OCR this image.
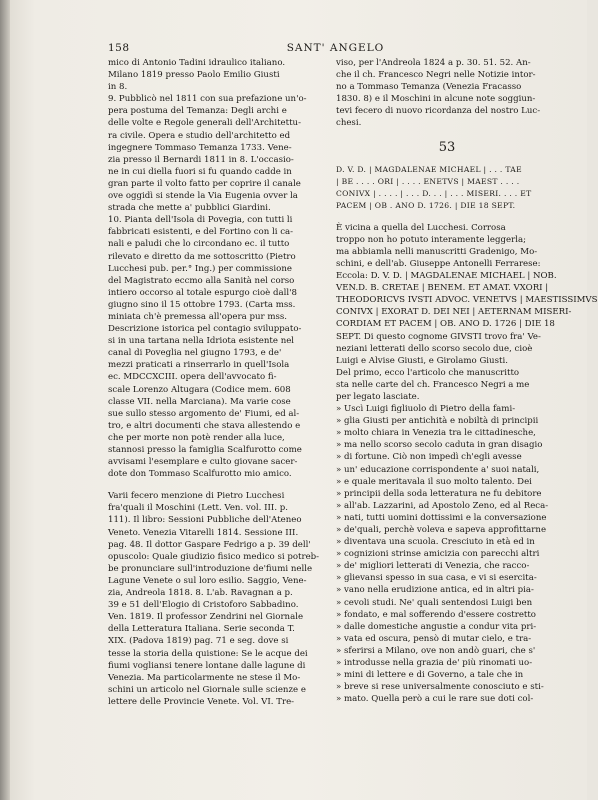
158	SANT' ANGELO
mico di Antonio Tadini idraulico italiano.
Milano 1819 presso Paolo Emilio Giusti
in 8.
9. Pubblicò nel 1811 con sua prefazione un'o-
pera postuma del Temanza: Degli archi e
delle volte e Regole generali dell'Architettu-
ra civile. Opera e studio dell'architetto ed
ingegnere Tommaso Temanza 1733. Vene-
zia presso il Bernardi 1811 in 8. L'occasio-
ne in cui diella fuori si fu quando cadde in
gran parte il volto fatto per coprire il canale
ove oggidì si stende la Via Eugenia ovver la
strada che mette a' pubblici Giardini.
10. Pianta dell'Isola di Povegia, con tutti li
fabbricati esistenti, e del Fortino con li ca-
nali e paludi che lo circondano ec. il tutto
rilevato e diretto da me sottoscritto (Pietro
Lucchesi pub. per.° Ing.) per commissione
del Magistrato eccmo alla Sanità nel corso
intiero occorso al totale espurgo cioè dall'8
giugno sino il 15 ottobre 1793. (Carta mss.
miniata ch'è premessa all'opera pur mss.
Descrizione istorica pel contagio sviluppato-
si in una tartana nella Idriota esistente nel
canal di Poveglia nel giugno 1793, e de'
mezzi praticati a rinserrarlo in quell'Isola
ec. MDCCXCIII. opera dell'avvocato fi-
scale Lorenzo Altugara (Codice mem. 608
classe VII. nella Marciana). Ma varie cose
sue sullo stesso argomento de' Fiumi, ed al-
tro, e altri documenti che stava allestendo e
che per morte non potè render alla luce,
stannosi presso la famiglia Scalfurotto come
avvisami l'esemplare e culto giovane sacer-
dote don Tommaso Scalfurotto mio amico.
Varii fecero menzione di Pietro Lucchesi
fra'quali il Moschini (Lett. Ven. vol. III. p.
111). Il libro: Sessioni Pubbliche dell'Ateneo
Veneto. Venezia Vitarelli 1814. Sessione III.
pag. 48. Il dottor Gaspare Fedrigo a p. 39 dell'
opuscolo: Quale giudizio fisico medico si potreb-
be pronunciare sull'introduzione de'fiumi nelle
Lagune Venete o sul loro esilio. Saggio, Vene-
zia, Andreola 1818. 8. L'ab. Ravagnan a p.
39 e 51 dell'Elogio di Cristoforo Sabbadino.
Ven. 1819. Il professor Zendrini nel Giornale
della Letteratura Italiana. Serie seconda T.
XIX. (Padova 1819) pag. 71 e seg. dove si
tesse la storia della quistione: Se le acque dei
fiumi vogliansi tenere lontane dalle lagune di
Venezia. Ma particolarmente ne stese il Mo-
schini un articolo nel Giornale sulle scienze e
lettere delle Provincie Venete. Vol. VI. Tre-
viso, per l'Andreola 1824 a p. 30. 51. 52. An-
che il ch. Francesco Negri nelle Notizie intor-
no a Tommaso Temanza (Venezia Fracasso
1830. 8) e il Moschini in alcune note soggiun-
tevi fecero di nuovo ricordanza del nostro Luc-
chesi.
53
D. V. D. | MAGDALENAE MICHAEL | . . . TAE
| BE . . . . ORI | . . . . ENETVS | MAEST . . . .
CONIVX | . . . . | . . . D. . . | . . . MISERI. . . . ET
PACEM | OB . ANO D. 1726. | DIE 18 SEPT.
È vicina a quella del Lucchesi. Corrosa
troppo non ho potuto interamente leggerla;
ma abbiamla nelli manuscritti Gradenigo, Mo-
schini, e dell'ab. Giuseppe Antonelli Ferrarese:
Eccola: D. V. D. | MAGDALENAE MICHAEL | NOB.
VEN.D. B. CRETAE | BENEM. ET AMAT. VXORI |
THEODORICVS IVSTI ADVOC. VENETVS | MAESTISSIMVS
CONIVX | EXORAT D. DEI NEI | AETERNAM MISERI-
CORDIAM ET PACEM | OB. ANO D. 1726 | DIE 18
SEPT. Di questo cognome GIVSTI trovo fra' Ve-
neziani letterati dello scorso secolo due, cioè
Luigi e Alvise Giusti, e Girolamo Giusti.
Del primo, ecco l'articolo che manuscritto
sta nelle carte del ch. Francesco Negri a me
per legato lasciate.
» Uscì Luigi figliuolo di Pietro della fami-
» glia Giusti per antichità e nobiltà di principii
» molto chiara in Venezia tra le cittadinesche,
» ma nello scorso secolo caduta in gran disagio
» di fortune. Ciò non impedì ch'egli avesse
» un' educazione corrispondente a' suoi natali,
» e quale meritavala il suo molto talento. Dei
» principii della soda letteratura ne fu debitore
» all'ab. Lazzarini, ad Apostolo Zeno, ed al Reca-
» nati, tutti uomini dottissimi e la conversazione
» de'quali, perchè voleva e sapeva approfittarne
» diventava una scuola. Cresciuto in età ed in
» cognizioni strinse amicizia con parecchi altri
» de' migliori letterati di Venezia, che racco-
» glievansi spesso in sua casa, e vi si esercita-
» vano nella erudizione antica, ed in altri pia-
» cevoli studi. Ne' quali sentendosi Luigi ben
» fondato, e mal sofferendo d'essere costretto
» dalle domestiche angustie a condur vita pri-
» vata ed oscura, pensò di mutar cielo, e tra-
» sferirsi a Milano, ove non andò guari, che s'
» introdusse nella grazia de' più rinomati uo-
» mini di lettere e di Governo, a tale che in
» breve si rese universalmente conosciuto e sti-
» mato. Quella però a cui le rare sue doti col-
